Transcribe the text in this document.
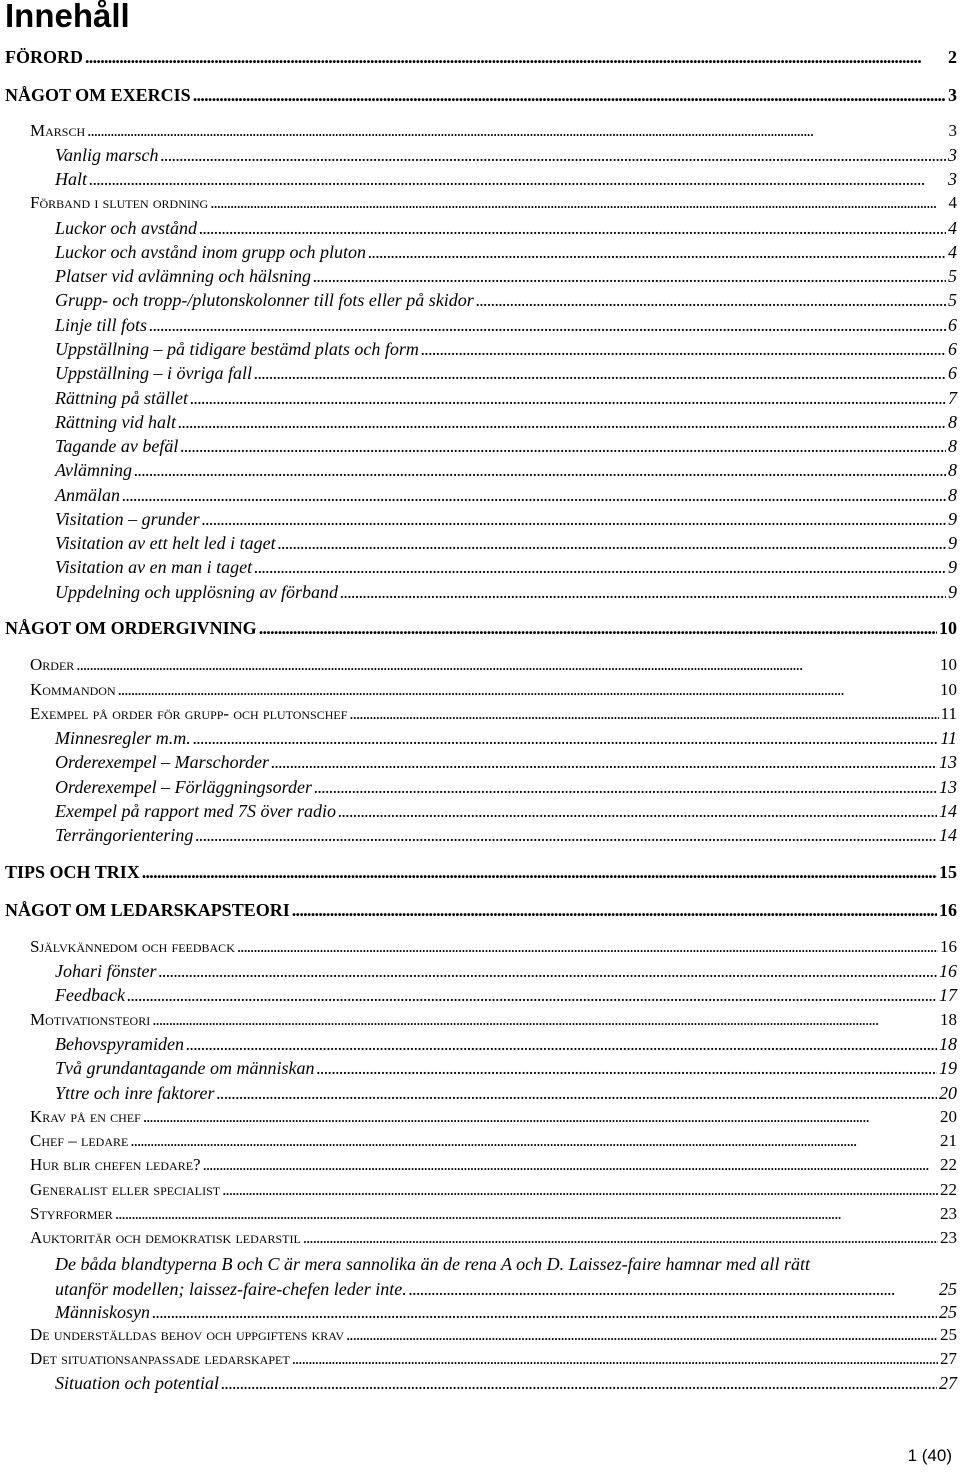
Innehåll
FÖRORD . . .	2
NÅGOT OM EXERCIS . . .	3
Marsch . . .	3
Vanlig marsch . . .	3
Halt . . .	3
Förband i sluten ordning . . .	4
Luckor och avstånd . . .	4
Luckor och avstånd inom grupp och pluton . . .	4
Platser vid avlämning och hälsning . . .	5
Grupp- och tropp-/plutonskolonner till fots eller på skidor . . .	5
Linje till fots . . .	6
Uppställning – på tidigare bestämd plats och form . . .	6
Uppställning – i övriga fall . . .	6
Rättning på stället . . .	7
Rättning vid halt . . .	8
Tagande av befäl . . .	8
Avlämning . . .	8
Anmälan . . .	8
Visitation – grunder . . .	9
Visitation av ett helt led i taget . . .	9
Visitation av en man i taget . . .	9
Uppdelning och upplösning av förband . . .	9
NÅGOT OM ORDERGIVNING . . .	10
Order . . .	10
Kommandon . . .	10
Exempel på order för grupp- och plutonschef . . .	11
Minnesregler m.m. . . .	11
Orderexempel – Marschorder . . .	13
Orderexempel – Förläggningsorder . . .	13
Exempel på rapport med 7S över radio . . .	14
Terrängorientering . . .	14
TIPS OCH TRIX . . .	15
NÅGOT OM LEDARSKAPSTEORI . . .	16
Självkännedom och feedback . . .	16
Johari fönster . . .	16
Feedback . . .	17
Motivationsteori . . .	18
Behovspyramiden . . .	18
Två grundantagande om människan . . .	19
Yttre och inre faktorer . . .	20
Krav på en chef . . .	20
Chef – ledare . . .	21
Hur blir chefen ledare? . . .	22
Generalist eller specialist . . .	22
Styrformer . . .	23
Auktoritär och demokratisk ledarstil . . .	23
De båda blandtyperna B och C är mera sannolika än de rena A och D. Laissez-faire hamnar med all rätt
utanför modellen; laissez-faire-chefen leder inte. . . .	25
Människosyn . . .	25
De underställdas behov och uppgiftens krav . . .	25
Det situationsanpassade ledarskapet . . .	27
Situation och potential . . .	27
1 (40)
